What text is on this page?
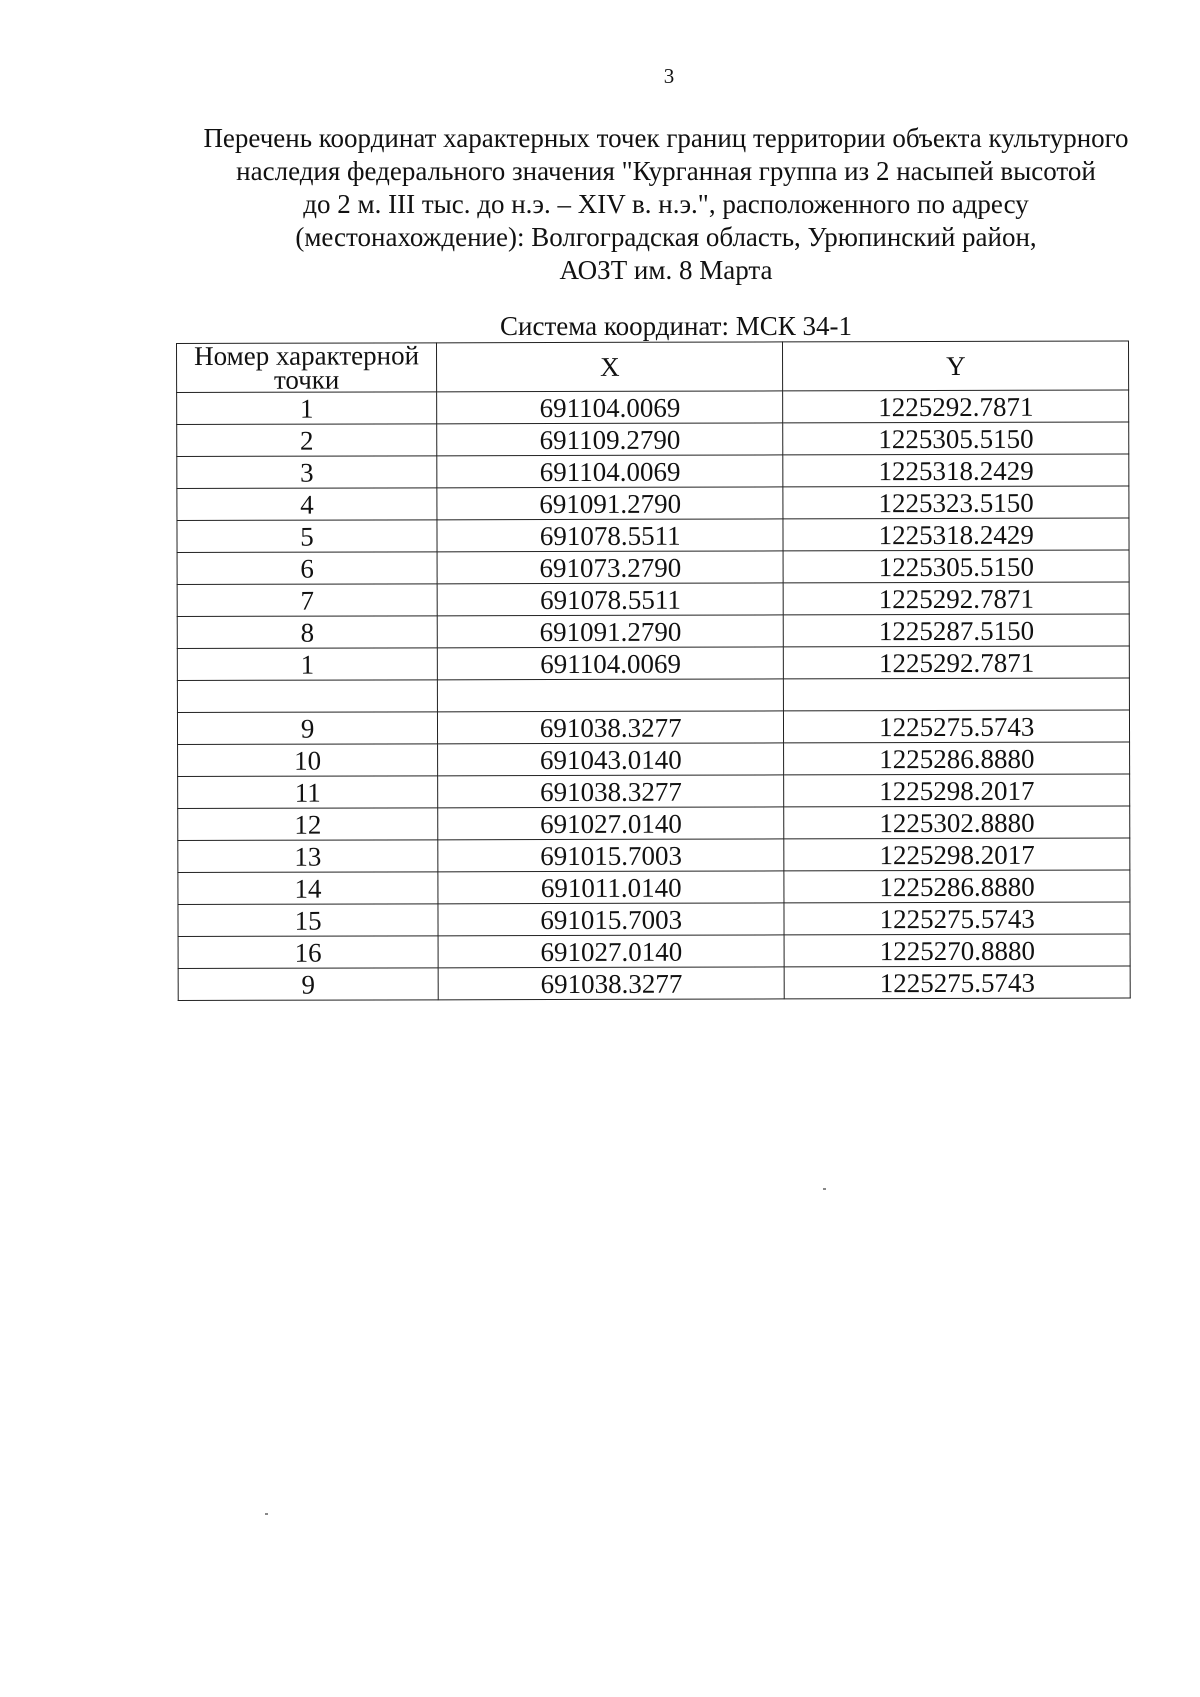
3
Перечень координат характерных точек границ территории объекта культурного
наследия федерального значения "Курганная группа из 2 насыпей высотой
до 2 м. III тыс. до н.э. – XIV в. н.э.", расположенного по адресу
(местонахождение): Волгоградская область, Урюпинский район,
АОЗТ им. 8 Марта
Система координат: МСК 34-1
Номер характерной точки	X	Y
1	691104.0069	1225292.7871
2	691109.2790	1225305.5150
3	691104.0069	1225318.2429
4	691091.2790	1225323.5150
5	691078.5511	1225318.2429
6	691073.2790	1225305.5150
7	691078.5511	1225292.7871
8	691091.2790	1225287.5150
1	691104.0069	1225292.7871

9	691038.3277	1225275.5743
10	691043.0140	1225286.8880
11	691038.3277	1225298.2017
12	691027.0140	1225302.8880
13	691015.7003	1225298.2017
14	691011.0140	1225286.8880
15	691015.7003	1225275.5743
16	691027.0140	1225270.8880
9	691038.3277	1225275.5743
